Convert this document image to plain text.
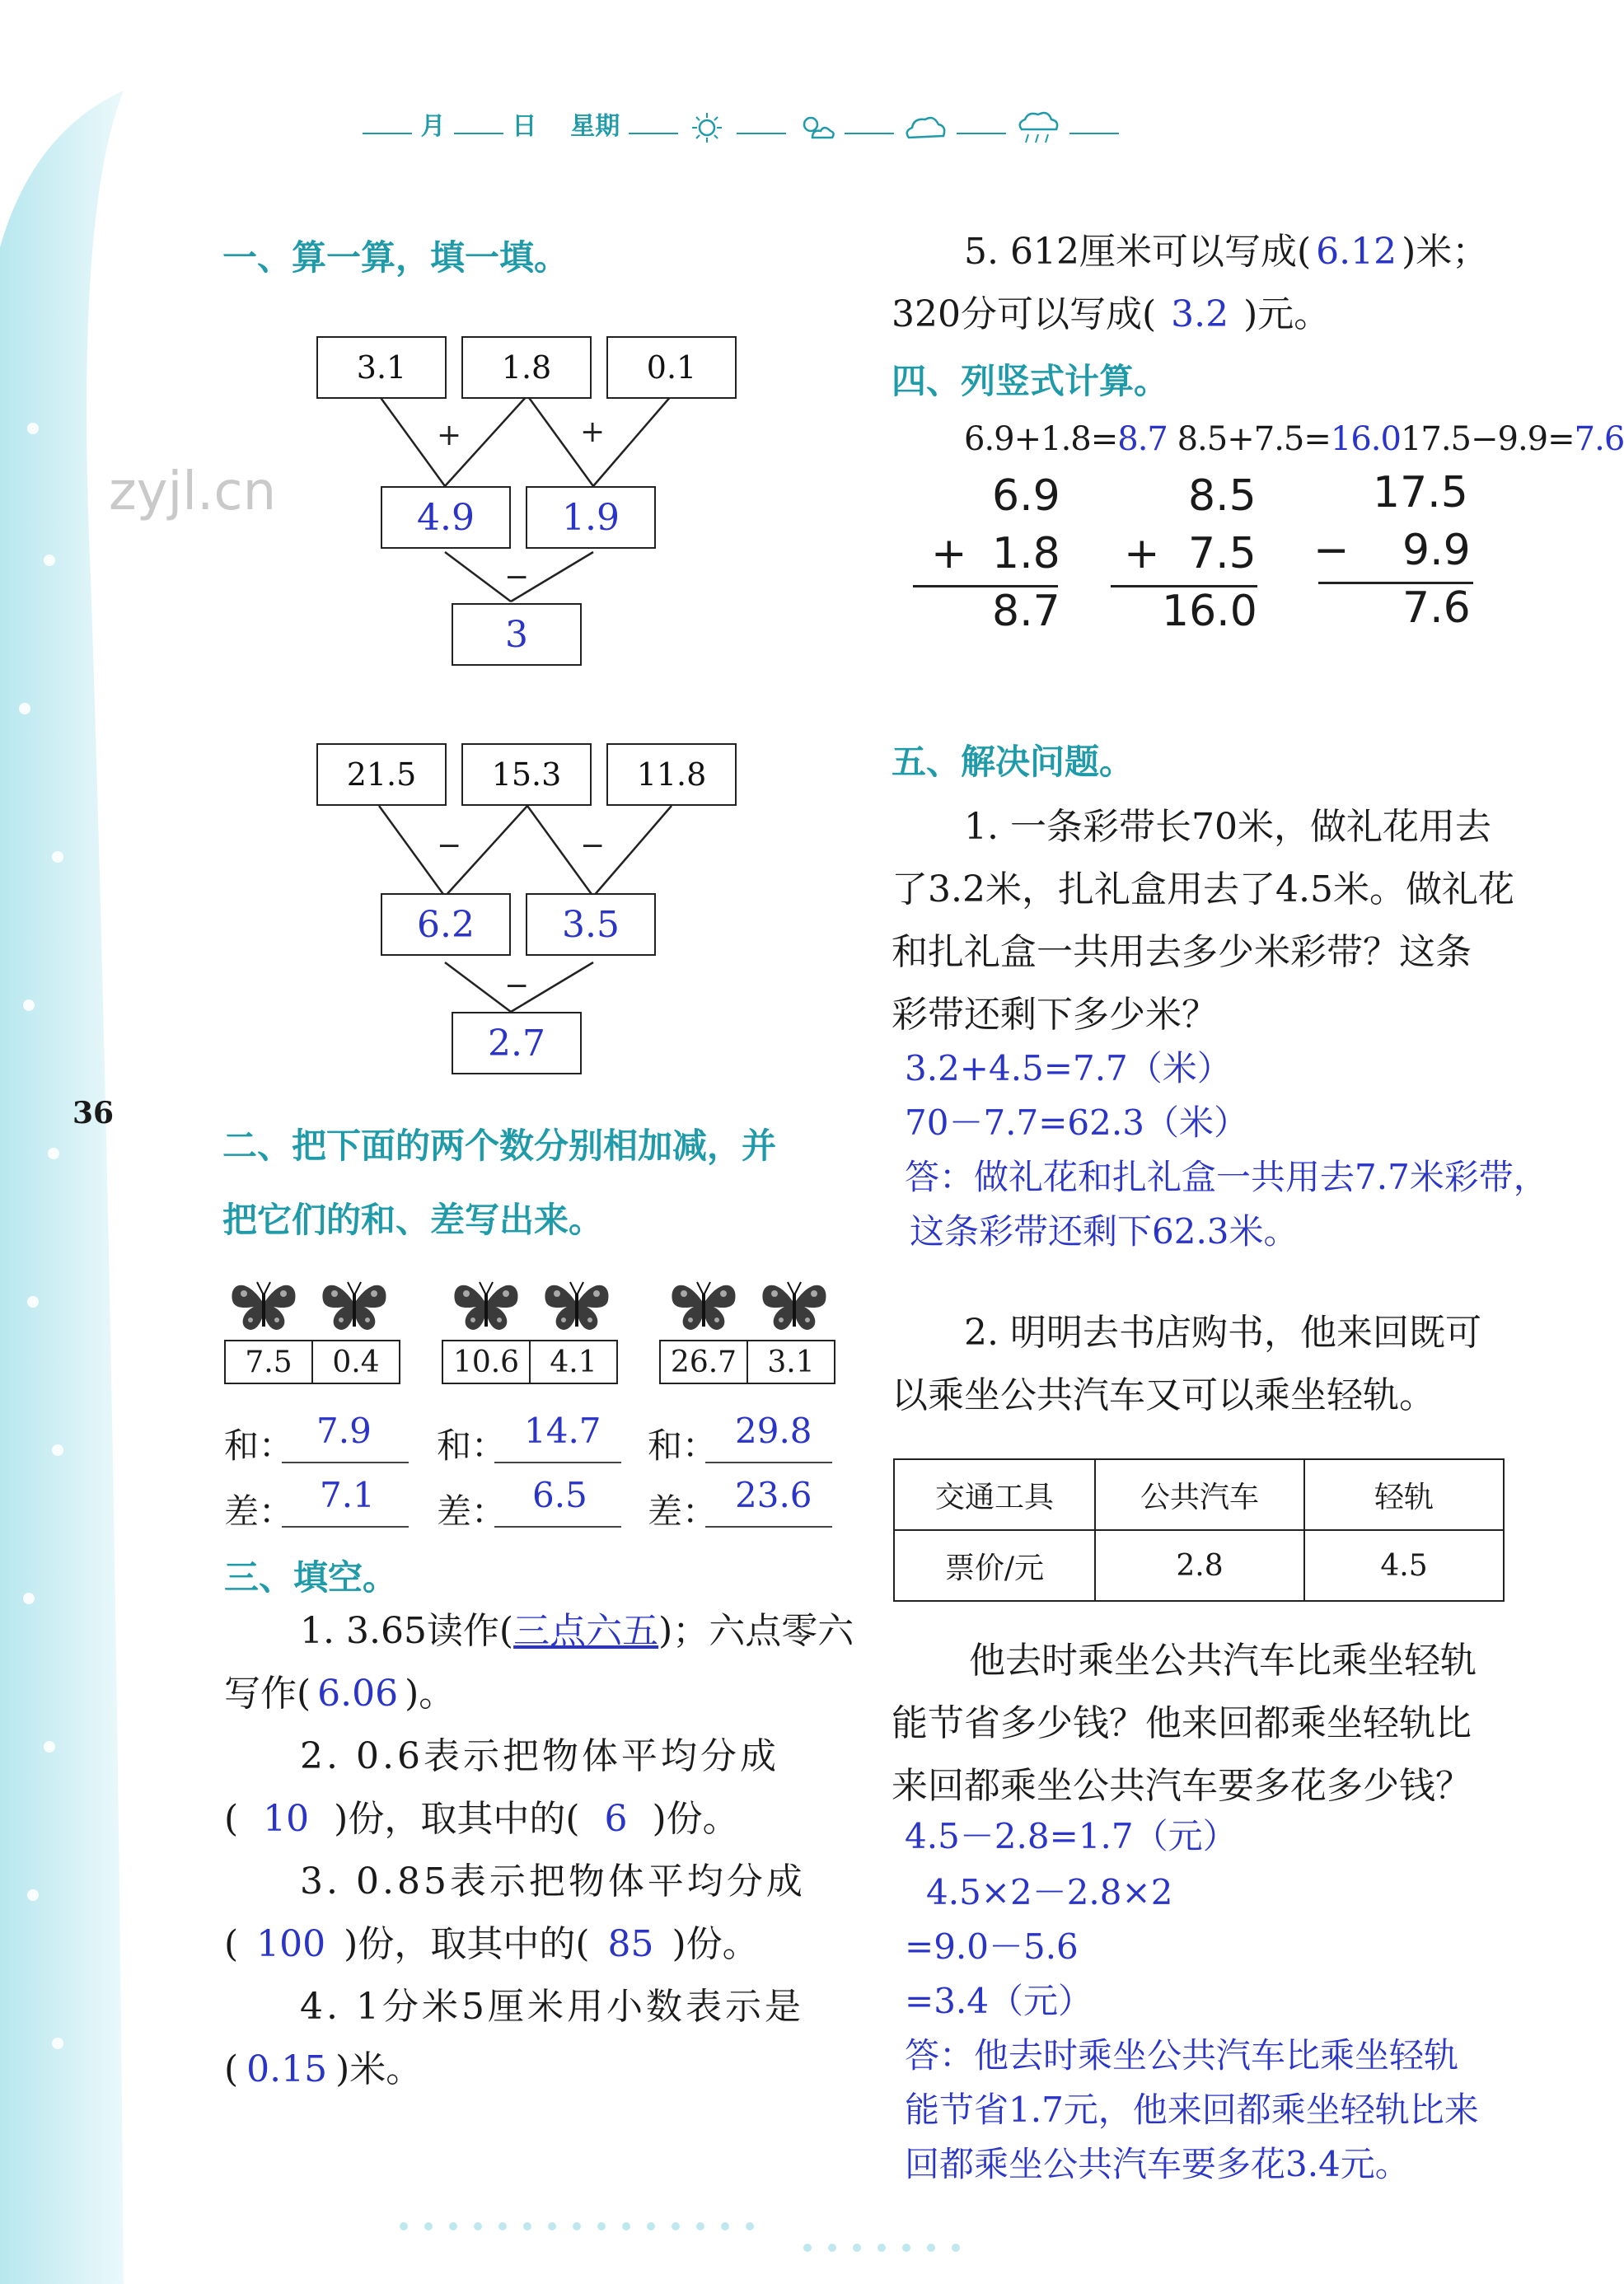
月	日 星期
zyjl.cn
36
一、算一算，填一填。
3.1	1.8	0.1
+	+
4.9	1.9
−
3
21.5	15.3	11.8
−	−
6.2	3.5
−
2.7
二、把下面的两个数分别相加减，并
把它们的和、差写出来。
7.5	0.4	10.6	4.1	26.7	3.1
和： 7.9
差： 7.1
和： 14.7
差： 6.5
和： 29.8
差： 23.6
三、填空。
1. 3.65读作(三点六五)；六点零六
写作( 6.06 )。
2. 0.6表示把物体平均分成
( 10 )份，取其中的( 6 )份。
3. 0.85表示把物体平均分成
( 100 )份，取其中的( 85 )份。
4. 1分米5厘米用小数表示是
( 0.15 )米。
5. 612厘米可以写成( 6.12 )米；
320分可以写成( 3.2 )元。
四、列竖式计算。
6.9+1.8=8.7 8.5+7.5=16.017.5−9.9=7.6
6.9
+ 1.8
8.7
8.5
+ 7.5
16.0
17.5
− 9.9
7.6
五、解决问题。
1. 一条彩带长70米，做礼花用去
了3.2米，扎礼盒用去了4.5米。做礼花
和扎礼盒一共用去多少米彩带？这条
彩带还剩下多少米？
3.2+4.5=7.7（米）
70－7.7=62.3（米）
答：做礼花和扎礼盒一共用去7.7米彩带，
这条彩带还剩下62.3米。
2. 明明去书店购书，他来回既可
以乘坐公共汽车又可以乘坐轻轨。
交通工具	公共汽车	轻轨
票价/元	2.8	4.5
他去时乘坐公共汽车比乘坐轻轨
能节省多少钱？他来回都乘坐轻轨比
来回都乘坐公共汽车要多花多少钱？
4.5－2.8=1.7（元）
4.5×2－2.8×2
=9.0－5.6
=3.4（元）
答：他去时乘坐公共汽车比乘坐轻轨
能节省1.7元，他来回都乘坐轻轨比来
回都乘坐公共汽车要多花3.4元。
